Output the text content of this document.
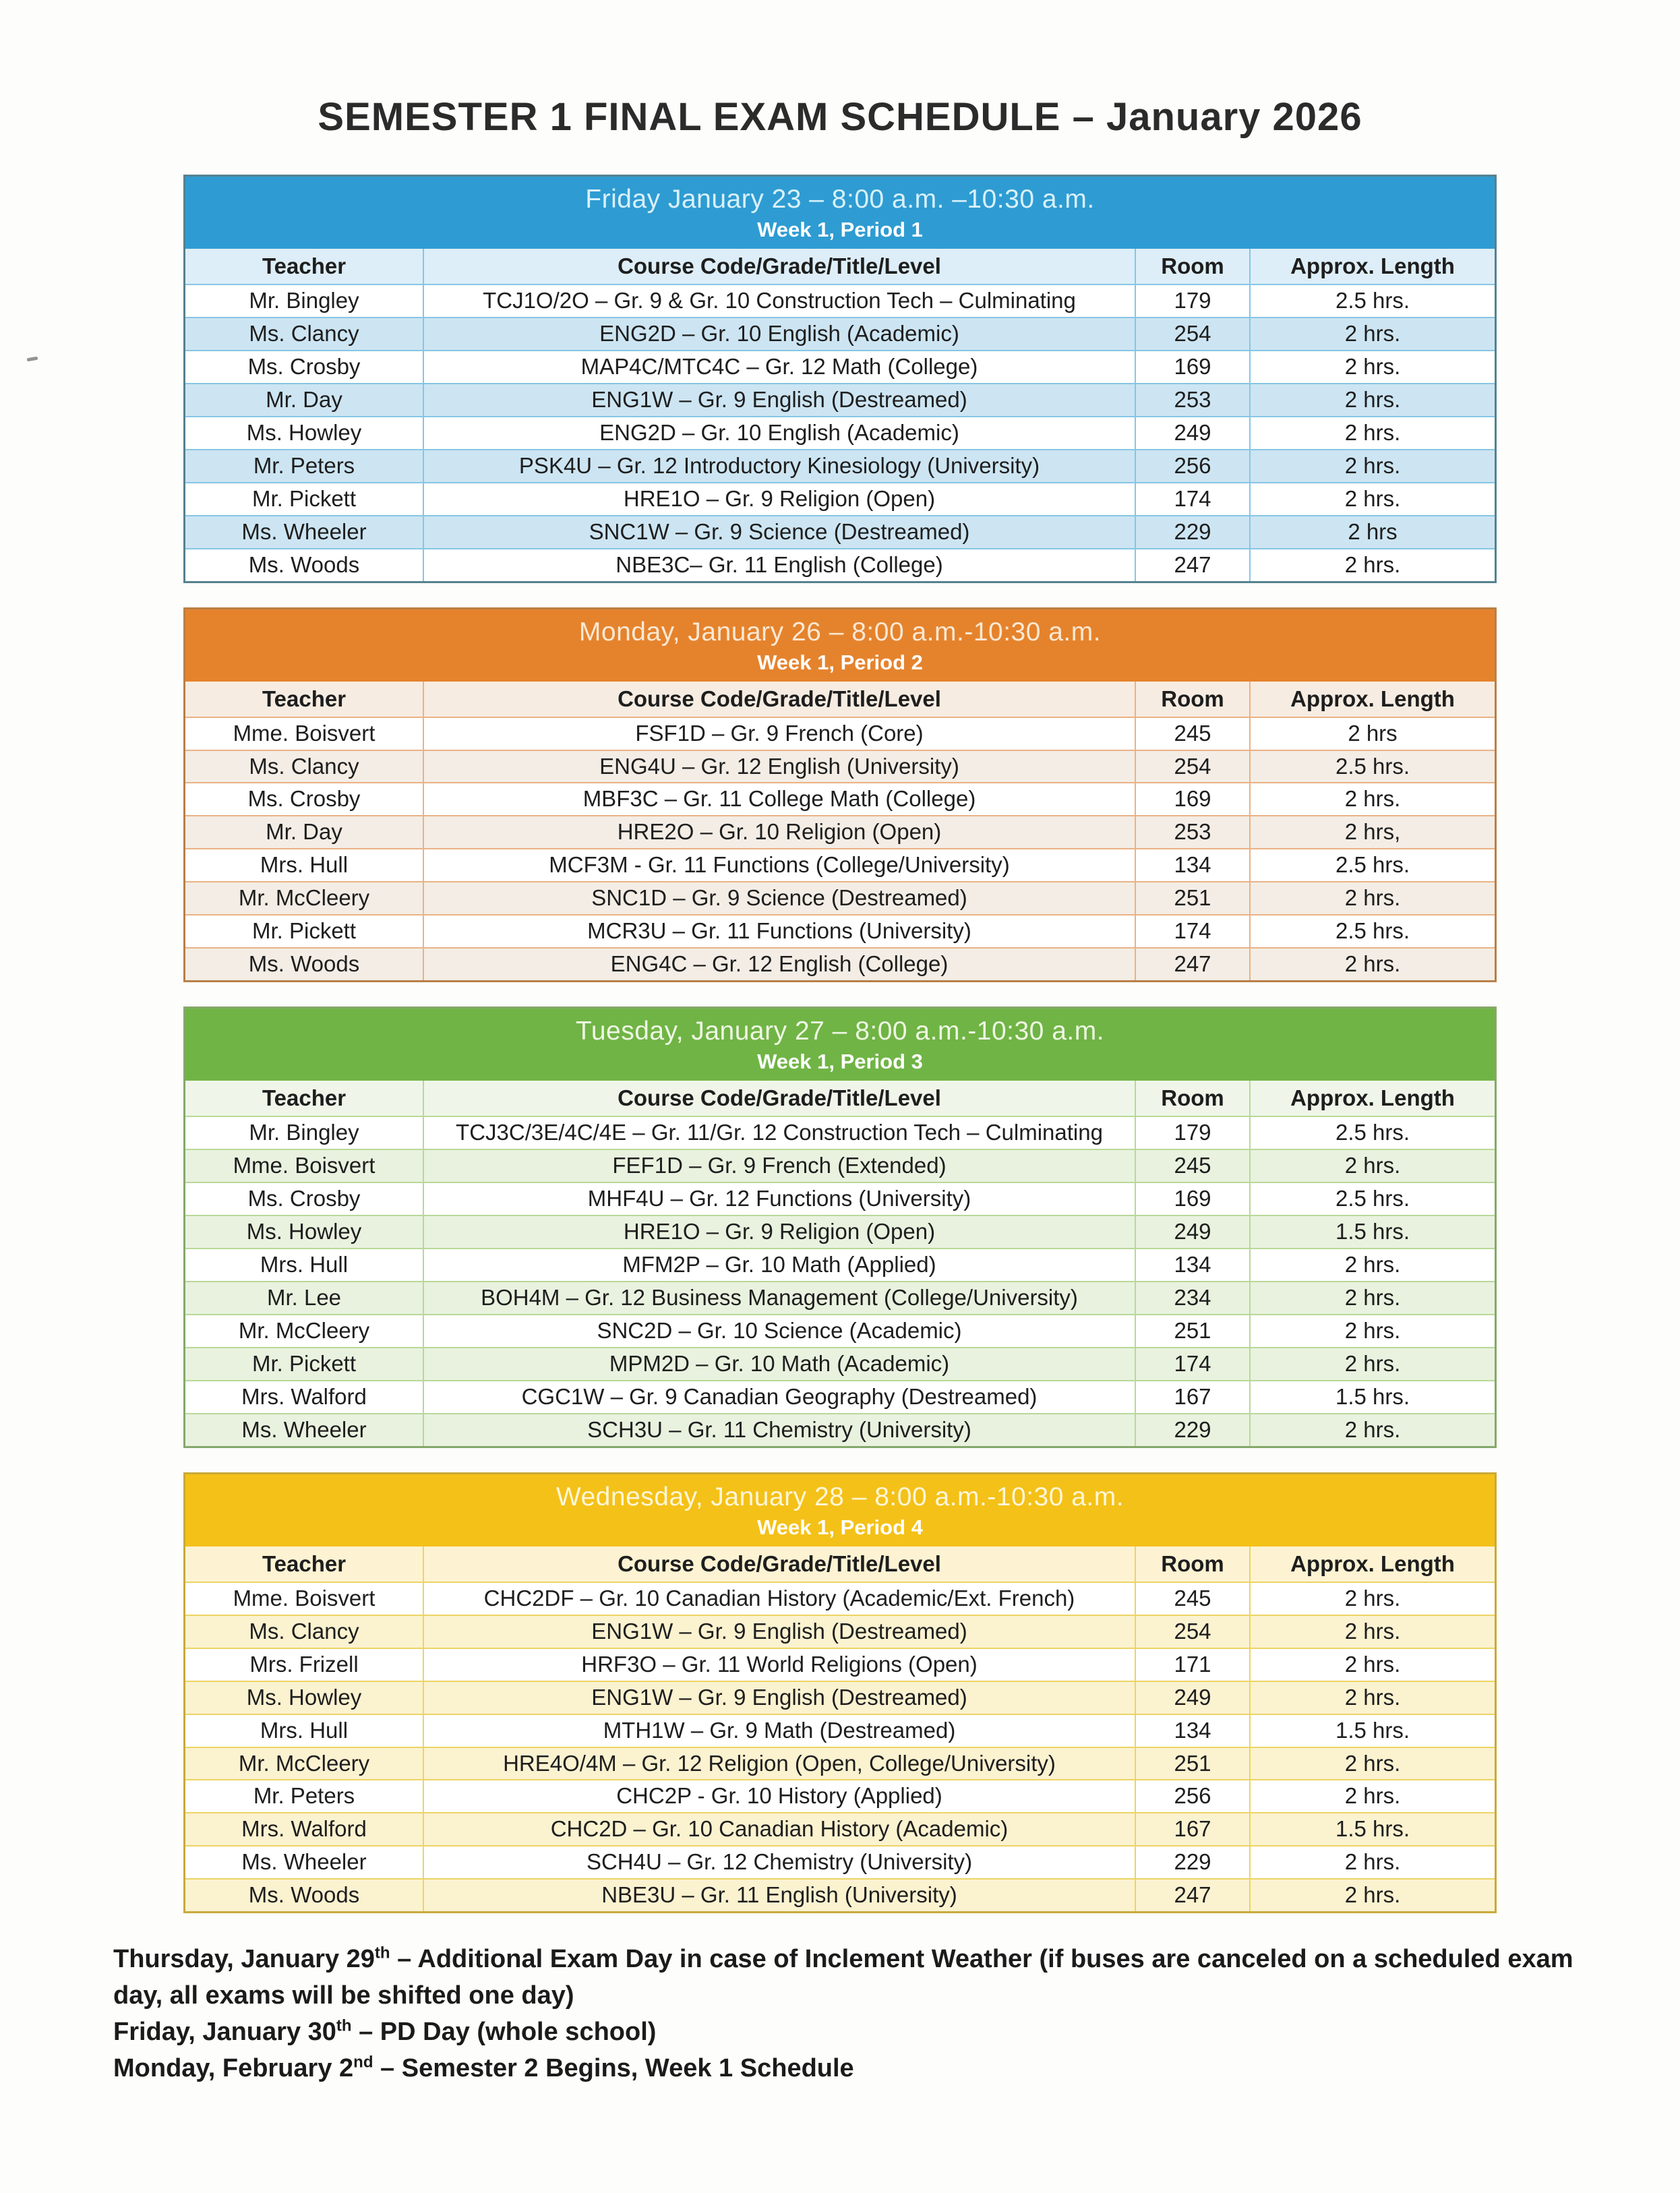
SEMESTER 1 FINAL EXAM SCHEDULE – January 2026
Friday January 23 – 8:00 a.m. –10:30 a.m.
Week 1, Period 1
Teacher	Course Code/Grade/Title/Level	Room	Approx. Length
Mr. Bingley	TCJ1O/2O – Gr. 9 & Gr. 10 Construction Tech – Culminating	179	2.5 hrs.
Ms. Clancy	ENG2D – Gr. 10 English (Academic)	254	2 hrs.
Ms. Crosby	MAP4C/MTC4C – Gr. 12 Math (College)	169	2 hrs.
Mr. Day	ENG1W – Gr. 9 English (Destreamed)	253	2 hrs.
Ms. Howley	ENG2D – Gr. 10 English (Academic)	249	2 hrs.
Mr. Peters	PSK4U – Gr. 12 Introductory Kinesiology (University)	256	2 hrs.
Mr. Pickett	HRE1O – Gr. 9 Religion (Open)	174	2 hrs.
Ms. Wheeler	SNC1W – Gr. 9 Science (Destreamed)	229	2 hrs
Ms. Woods	NBE3C– Gr. 11 English (College)	247	2 hrs.
Monday, January 26 – 8:00 a.m.-10:30 a.m.
Week 1, Period 2
Teacher	Course Code/Grade/Title/Level	Room	Approx. Length
Mme. Boisvert	FSF1D – Gr. 9 French (Core)	245	2 hrs
Ms. Clancy	ENG4U – Gr. 12 English (University)	254	2.5 hrs.
Ms. Crosby	MBF3C – Gr. 11 College Math (College)	169	2 hrs.
Mr. Day	HRE2O – Gr. 10 Religion (Open)	253	2 hrs,
Mrs. Hull	MCF3M - Gr. 11 Functions (College/University)	134	2.5 hrs.
Mr. McCleery	SNC1D – Gr. 9 Science (Destreamed)	251	2 hrs.
Mr. Pickett	MCR3U – Gr. 11 Functions (University)	174	2.5 hrs.
Ms. Woods	ENG4C – Gr. 12 English (College)	247	2 hrs.
Tuesday, January 27 – 8:00 a.m.-10:30 a.m.
Week 1, Period 3
Teacher	Course Code/Grade/Title/Level	Room	Approx. Length
Mr. Bingley	TCJ3C/3E/4C/4E – Gr. 11/Gr. 12 Construction Tech – Culminating	179	2.5 hrs.
Mme. Boisvert	FEF1D – Gr. 9 French (Extended)	245	2 hrs.
Ms. Crosby	MHF4U – Gr. 12 Functions (University)	169	2.5 hrs.
Ms. Howley	HRE1O – Gr. 9 Religion (Open)	249	1.5 hrs.
Mrs. Hull	MFM2P – Gr. 10 Math (Applied)	134	2 hrs.
Mr. Lee	BOH4M – Gr. 12 Business Management (College/University)	234	2 hrs.
Mr. McCleery	SNC2D – Gr. 10 Science (Academic)	251	2 hrs.
Mr. Pickett	MPM2D – Gr. 10 Math (Academic)	174	2 hrs.
Mrs. Walford	CGC1W – Gr. 9 Canadian Geography (Destreamed)	167	1.5 hrs.
Ms. Wheeler	SCH3U – Gr. 11 Chemistry (University)	229	2 hrs.
Wednesday, January 28 – 8:00 a.m.-10:30 a.m.
Week 1, Period 4
Teacher	Course Code/Grade/Title/Level	Room	Approx. Length
Mme. Boisvert	CHC2DF – Gr. 10 Canadian History (Academic/Ext. French)	245	2 hrs.
Ms. Clancy	ENG1W – Gr. 9 English (Destreamed)	254	2 hrs.
Mrs. Frizell	HRF3O – Gr. 11 World Religions (Open)	171	2 hrs.
Ms. Howley	ENG1W – Gr. 9 English (Destreamed)	249	2 hrs.
Mrs. Hull	MTH1W – Gr. 9 Math (Destreamed)	134	1.5 hrs.
Mr. McCleery	HRE4O/4M – Gr. 12 Religion (Open, College/University)	251	2 hrs.
Mr. Peters	CHC2P - Gr. 10 History (Applied)	256	2 hrs.
Mrs. Walford	CHC2D – Gr. 10 Canadian History (Academic)	167	1.5 hrs.
Ms. Wheeler	SCH4U – Gr. 12 Chemistry (University)	229	2 hrs.
Ms. Woods	NBE3U – Gr. 11 English (University)	247	2 hrs.
Thursday, January 29th – Additional Exam Day in case of Inclement Weather (if buses are canceled on a scheduled exam day, all exams will be shifted one day)
Friday, January 30th – PD Day (whole school)
Monday, February 2nd – Semester 2 Begins, Week 1 Schedule
